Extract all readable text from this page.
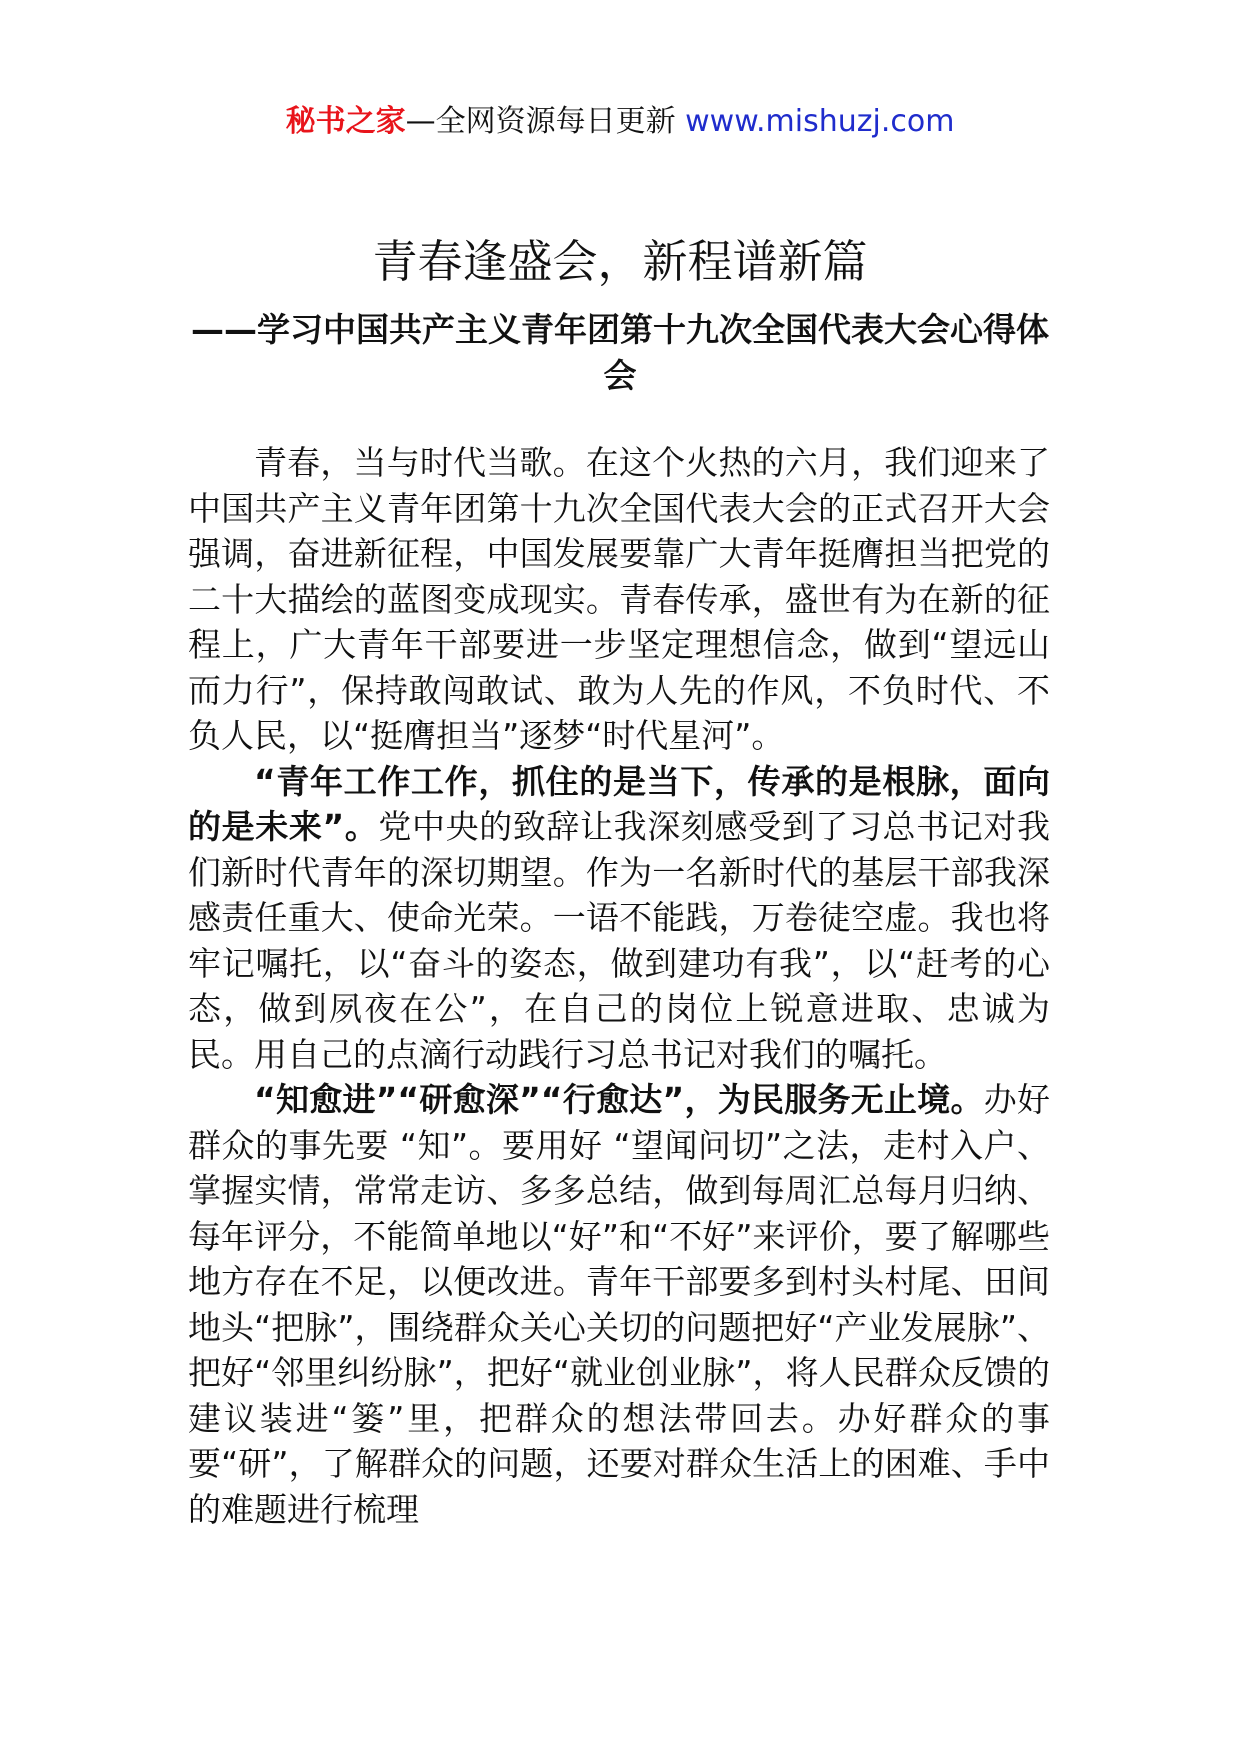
秘书之家—全网资源每日更新 www.mishuzj.com
青春逢盛会，新程谱新篇
——学习中国共产主义青年团第十九次全国代表大会心得体会

青春，当与时代当歌。在这个火热的六月，我们迎来了中国共产主义青年团第十九次全国代表大会的正式召开大会强调，奋进新征程，中国发展要靠广大青年挺膺担当把党的二十大描绘的蓝图变成现实。青春传承，盛世有为在新的征程上，广大青年干部要进一步坚定理想信念，做到“望远山而力行”，保持敢闯敢试、敢为人先的作风，不负时代、不负人民，以“挺膺担当”逐梦“时代星河”。

“青年工作工作，抓住的是当下，传承的是根脉，面向的是未来”。党中央的致辞让我深刻感受到了习总书记对我们新时代青年的深切期望。作为一名新时代的基层干部我深感责任重大、使命光荣。一语不能践，万卷徒空虚。我也将牢记嘱托，以“奋斗的姿态，做到建功有我”，以“赶考的心态，做到夙夜在公”，在自己的岗位上锐意进取、忠诚为民。用自己的点滴行动践行习总书记对我们的嘱托。

“知愈进”“研愈深”“行愈达”，为民服务无止境。办好群众的事先要 “知”。要用好 “望闻问切”之法，走村入户、掌握实情，常常走访、多多总结，做到每周汇总每月归纳、每年评分，不能简单地以“好”和“不好”来评价，要了解哪些地方存在不足，以便改进。青年干部要多到村头村尾、田间地头“把脉”，围绕群众关心关切的问题把好“产业发展脉”、把好“邻里纠纷脉”，把好“就业创业脉”，将人民群众反馈的建议装进“篓”里，把群众的想法带回去。办好群众的事要“研”，了解群众的问题，还要对群众生活上的困难、手中的难题进行梳理
